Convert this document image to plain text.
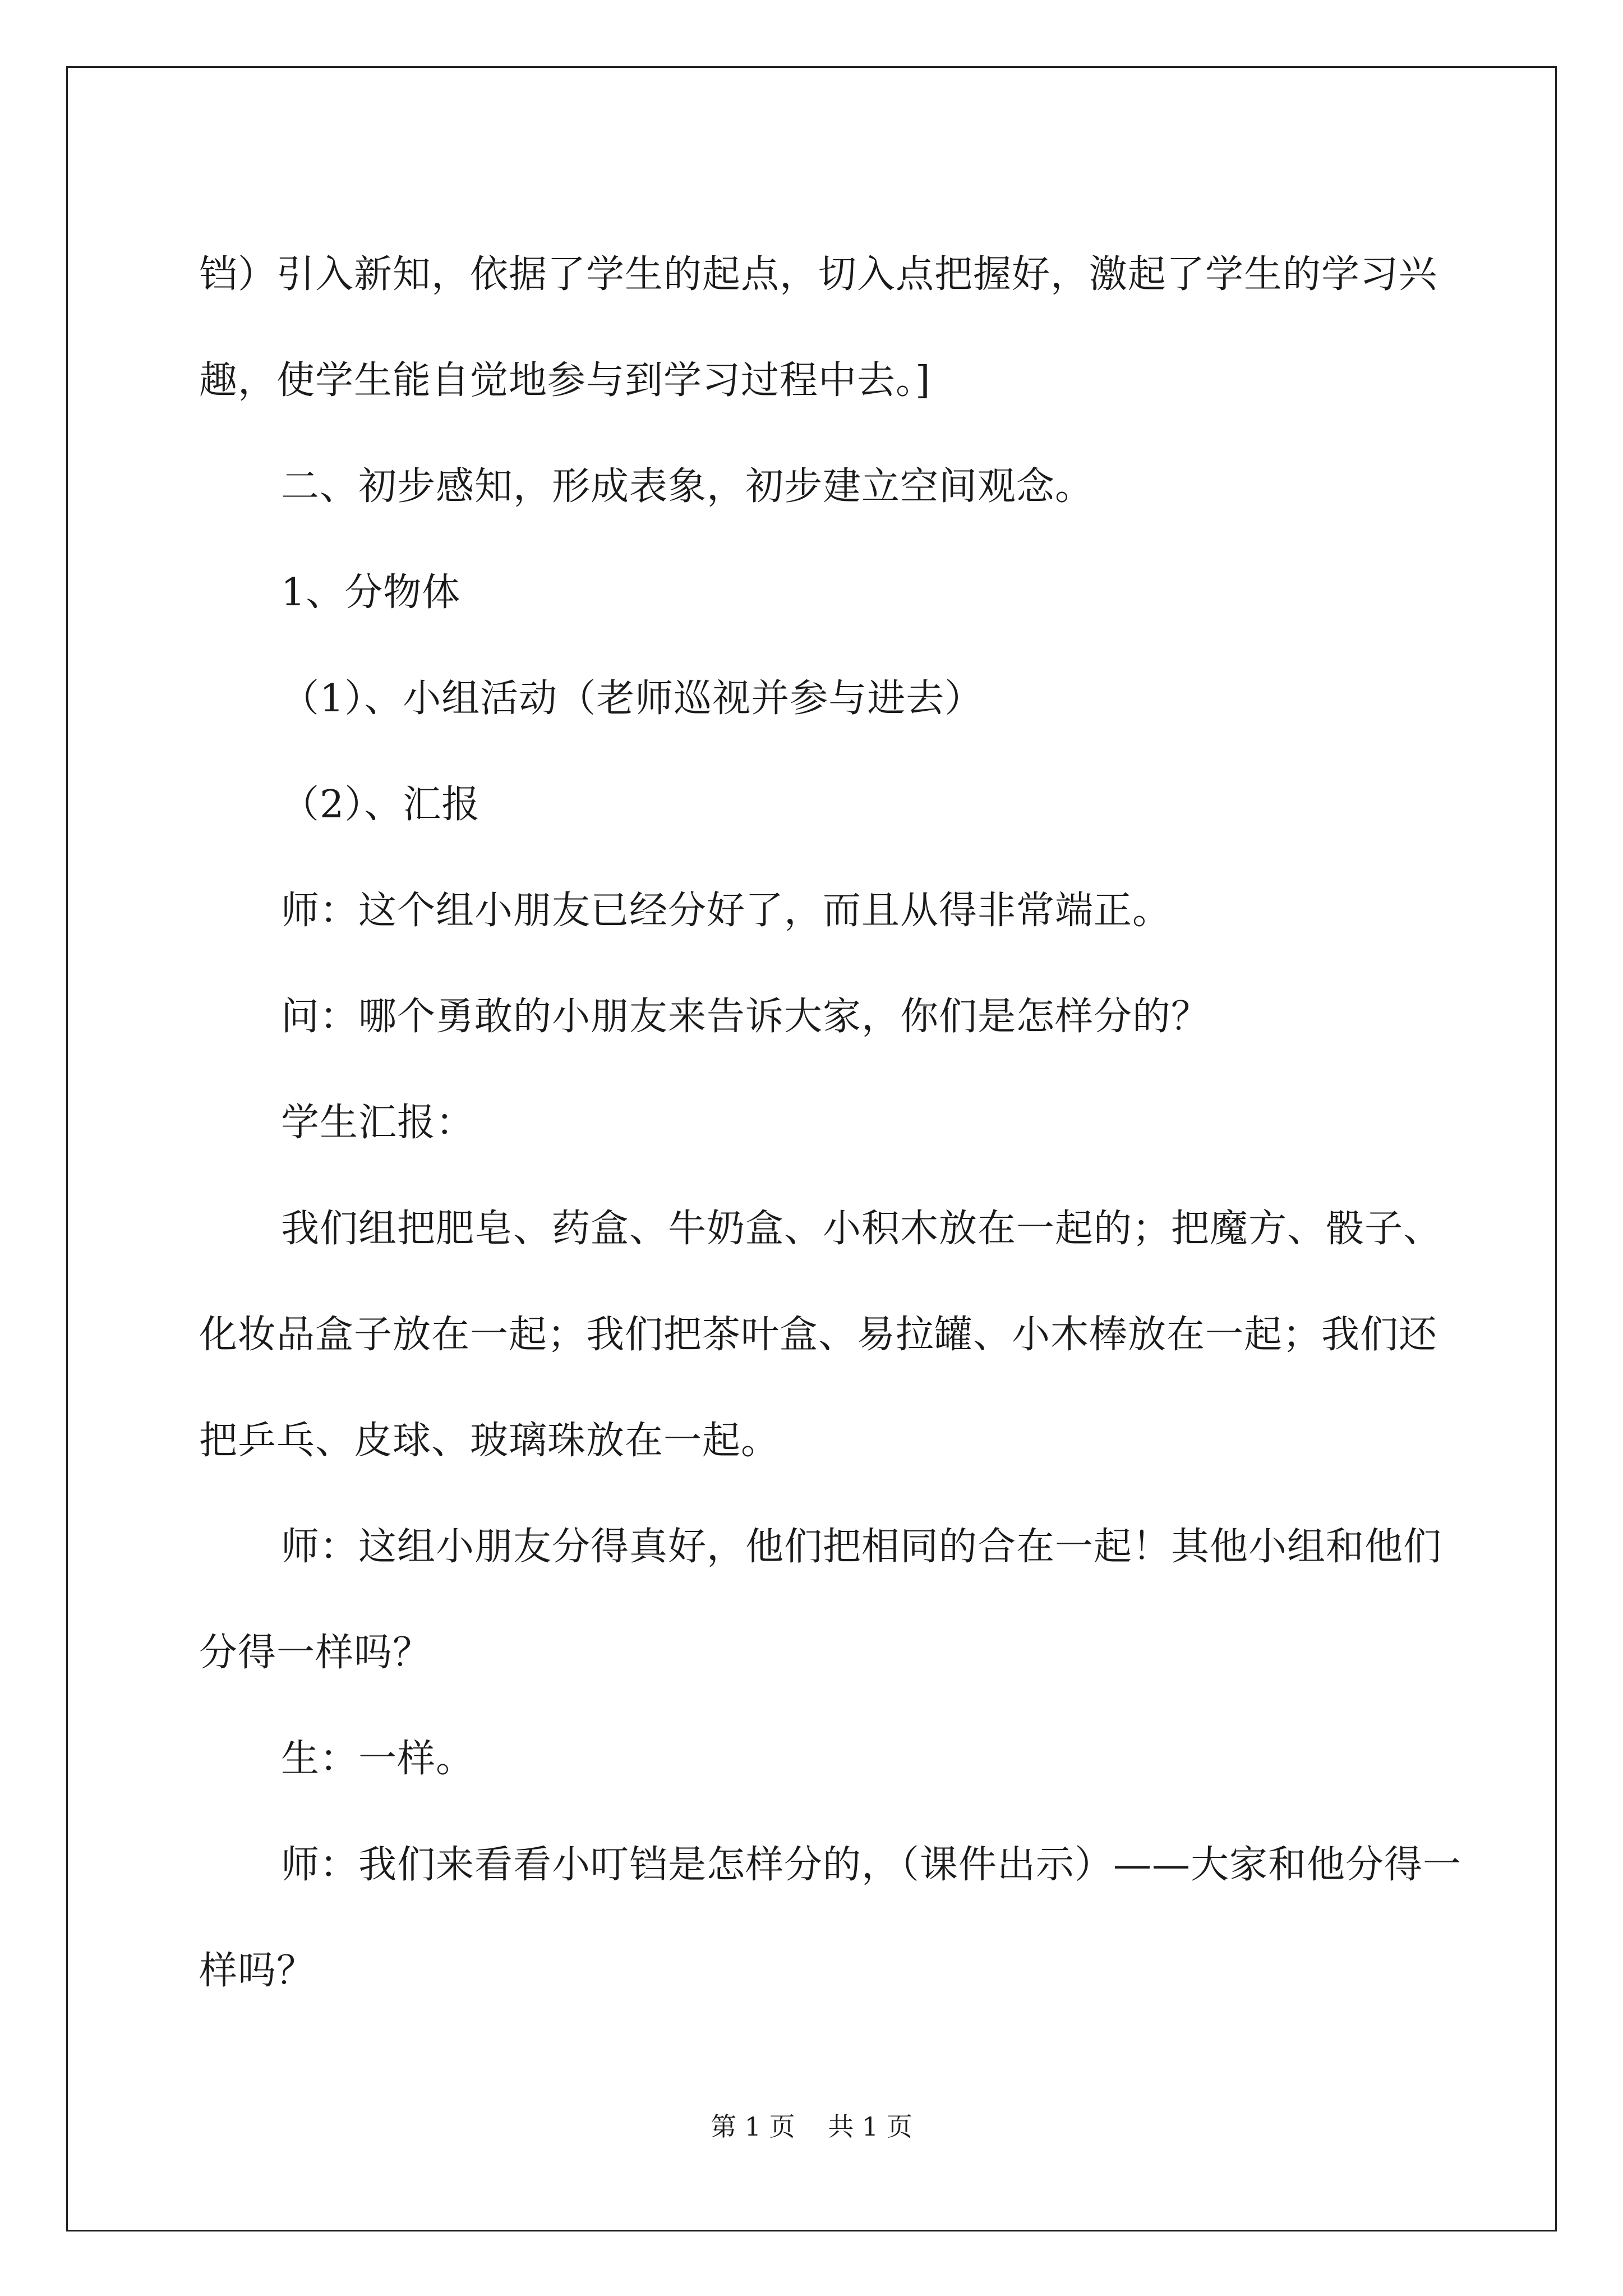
铛）引入新知，依据了学生的起点，切入点把握好，激起了学生的学习兴趣，使学生能自觉地参与到学习过程中去。]

二、初步感知，形成表象，初步建立空间观念。

1、分物体

（1）、小组活动（老师巡视并参与进去）

（2）、汇报

师：这个组小朋友已经分好了，而且从得非常端正。

问：哪个勇敢的小朋友来告诉大家，你们是怎样分的？

学生汇报：

我们组把肥皂、药盒、牛奶盒、小积木放在一起的；把魔方、骰子、化妆品盒子放在一起；我们把茶叶盒、易拉罐、小木棒放在一起；我们还把乒乓、皮球、玻璃珠放在一起。

师：这组小朋友分得真好，他们把相同的合在一起！其他小组和他们分得一样吗？

生：一样。

师：我们来看看小叮铛是怎样分的，（课件出示）——大家和他分得一样吗？

第 1 页 共 1 页
